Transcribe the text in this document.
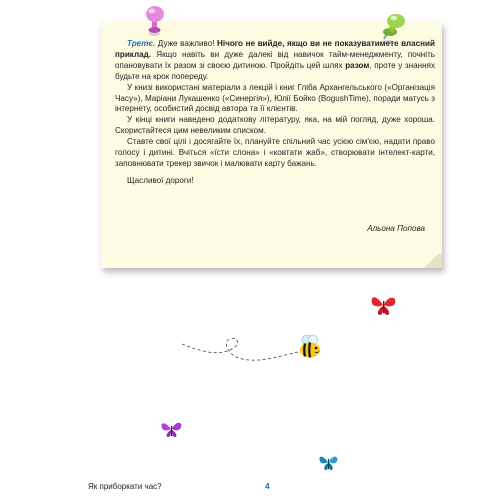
Третє. Дуже важливо! Нічого не вийде, якщо ви не показуватимете власний приклад. Якщо навіть ви дуже далекі від навичок тайм-менеджменту, почніть опановувати їх разом зі своєю дитиною. Пройдіть цей шлях разом, проте у знаннях будьте на крок попереду.

У книзі використані матеріали з лекцій і книг Гліба Архангельського («Організація Часу»), Маріани Лукашенко («Синергія»), Юлії Бойко (BogushTime), поради матусь з інтернету, особистий досвід автора та її клієнтів.

У кінці книги наведено додаткову літературу, яка, на мій погляд, дуже хороша. Скористайтеся цим невеликим списком.

Ставте свої цілі і досягайте їх, плануйте спільний час усією сім'єю, надати право голосу і дитині. Вчіться «їсти слона» і «ковтати жаб», створювати інтелект-карти, заповнювати трекер звичок і малювати карту бажань.

Щасливої дороги!

Альона Попова
Як приборкати час?	4
